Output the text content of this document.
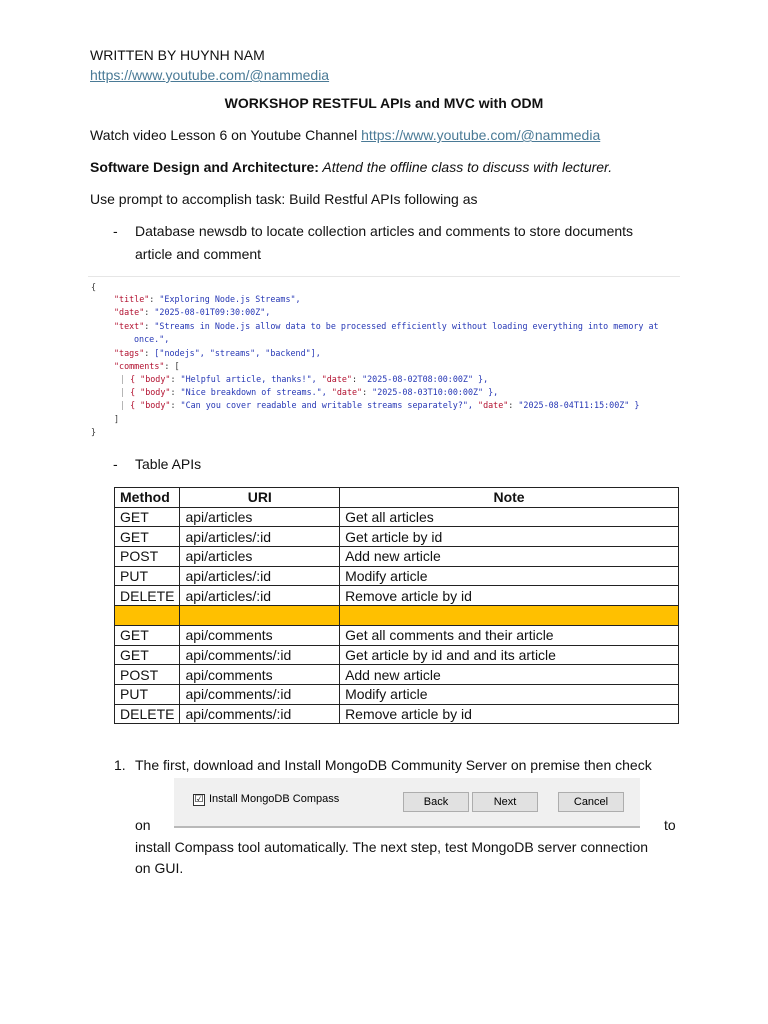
WRITTEN BY HUYNH NAM
https://www.youtube.com/@nammedia
WORKSHOP RESTFUL APIs and MVC with ODM
Watch video Lesson 6 on Youtube Channel https://www.youtube.com/@nammedia
Software Design and Architecture: Attend the offline class to discuss with lecturer.
Use prompt to accomplish task: Build Restful APIs following as
- Database newsdb to locate collection articles and comments to store documents
article and comment
{
"title": "Exploring Node.js Streams",
"date": "2025-08-01T09:30:00Z",
"text": "Streams in Node.js allow data to be processed efficiently without loading everything into memory at
once.",
"tags": ["nodejs", "streams", "backend"],
"comments": [
| { "body": "Helpful article, thanks!", "date": "2025-08-02T08:00:00Z" },
| { "body": "Nice breakdown of streams.", "date": "2025-08-03T10:00:00Z" },
| { "body": "Can you cover readable and writable streams separately?", "date": "2025-08-04T11:15:00Z" }
]
}
- Table APIs
Method	URI	Note
GET	api/articles	Get all articles
GET	api/articles/:id	Get article by id
POST	api/articles	Add new article
PUT	api/articles/:id	Modify article
DELETE	api/articles/:id	Remove article by id

GET	api/comments	Get all comments and their article
GET	api/comments/:id	Get article by id and and its article
POST	api/comments	Add new article
PUT	api/comments/:id	Modify article
DELETE	api/comments/:id	Remove article by id
1. The first, download and Install MongoDB Community Server on premise then check
☑ Install MongoDB Compass	Back	Next	Cancel
on	to
install Compass tool automatically. The next step, test MongoDB server connection
on GUI.
